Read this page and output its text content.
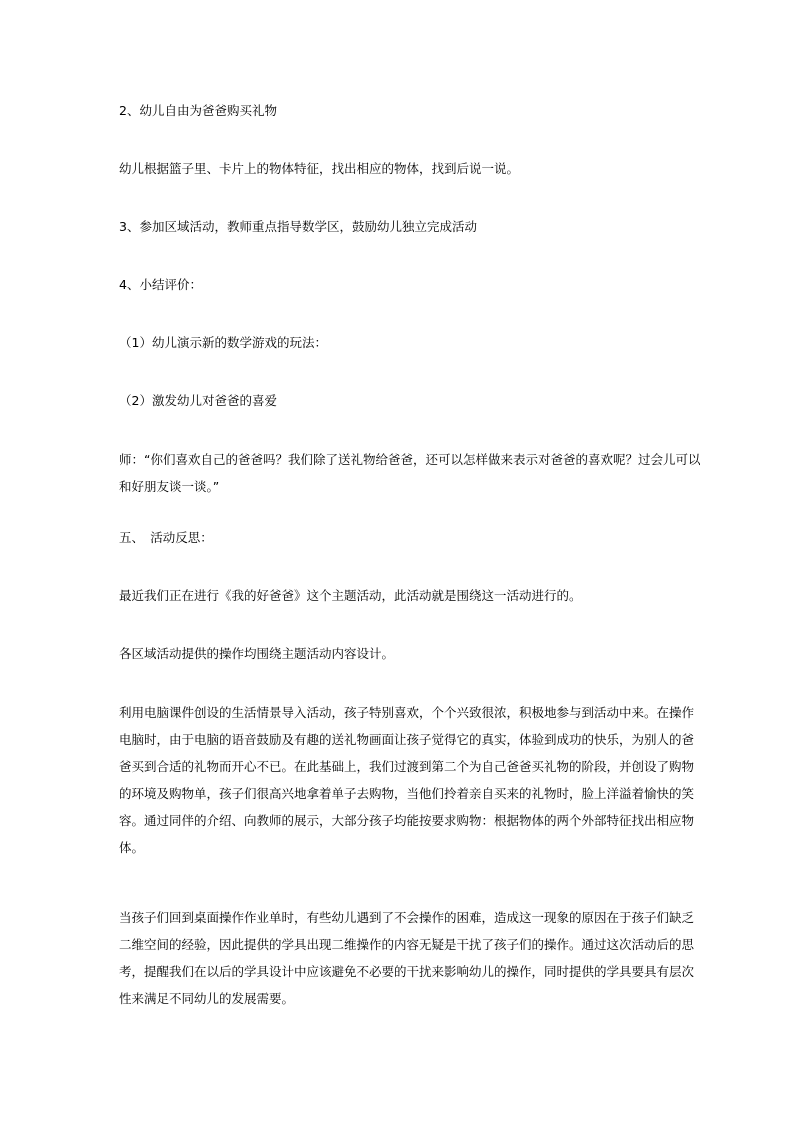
2、幼儿自由为爸爸购买礼物
幼儿根据篮子里、卡片上的物体特征，找出相应的物体，找到后说一说。
3、参加区域活动，教师重点指导数学区，鼓励幼儿独立完成活动
4、小结评价：
（1）幼儿演示新的数学游戏的玩法：
（2）激发幼儿对爸爸的喜爱
师：“你们喜欢自己的爸爸吗？我们除了送礼物给爸爸，还可以怎样做来表示对爸爸的喜欢呢？过会儿可以
和好朋友谈一谈。”
五、　活动反思：
最近我们正在进行《我的好爸爸》这个主题活动，此活动就是围绕这一活动进行的。
各区域活动提供的操作均围绕主题活动内容设计。
利用电脑课件创设的生活情景导入活动，孩子特别喜欢，个个兴致很浓，积极地参与到活动中来。在操作
电脑时，由于电脑的语音鼓励及有趣的送礼物画面让孩子觉得它的真实，体验到成功的快乐，为别人的爸
爸买到合适的礼物而开心不已。在此基础上，我们过渡到第二个为自己爸爸买礼物的阶段，并创设了购物
的环境及购物单，孩子们很高兴地拿着单子去购物，当他们拎着亲自买来的礼物时，脸上洋溢着愉快的笑
容。通过同伴的介绍、向教师的展示，大部分孩子均能按要求购物：根据物体的两个外部特征找出相应物
体。
当孩子们回到桌面操作作业单时，有些幼儿遇到了不会操作的困难，造成这一现象的原因在于孩子们缺乏
二维空间的经验，因此提供的学具出现二维操作的内容无疑是干扰了孩子们的操作。通过这次活动后的思
考，提醒我们在以后的学具设计中应该避免不必要的干扰来影响幼儿的操作，同时提供的学具要具有层次
性来满足不同幼儿的发展需要。
